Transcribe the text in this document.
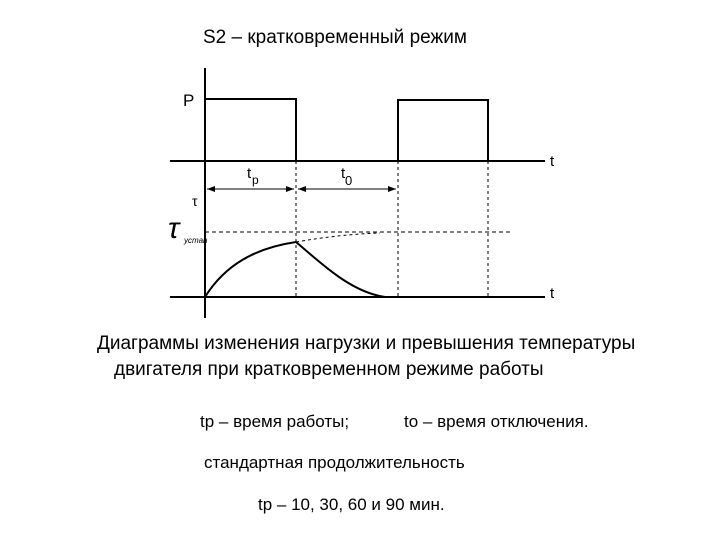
S2 – кратковременный режим
P
t
t
t p	t 0
τ
τ устан
Диаграммы изменения нагрузки и превышения температуры
двигателя при кратковременном режиме работы
tр – время работы;	tо – время отключения.
стандартная продолжительность
tр – 10, 30, 60 и 90 мин.
